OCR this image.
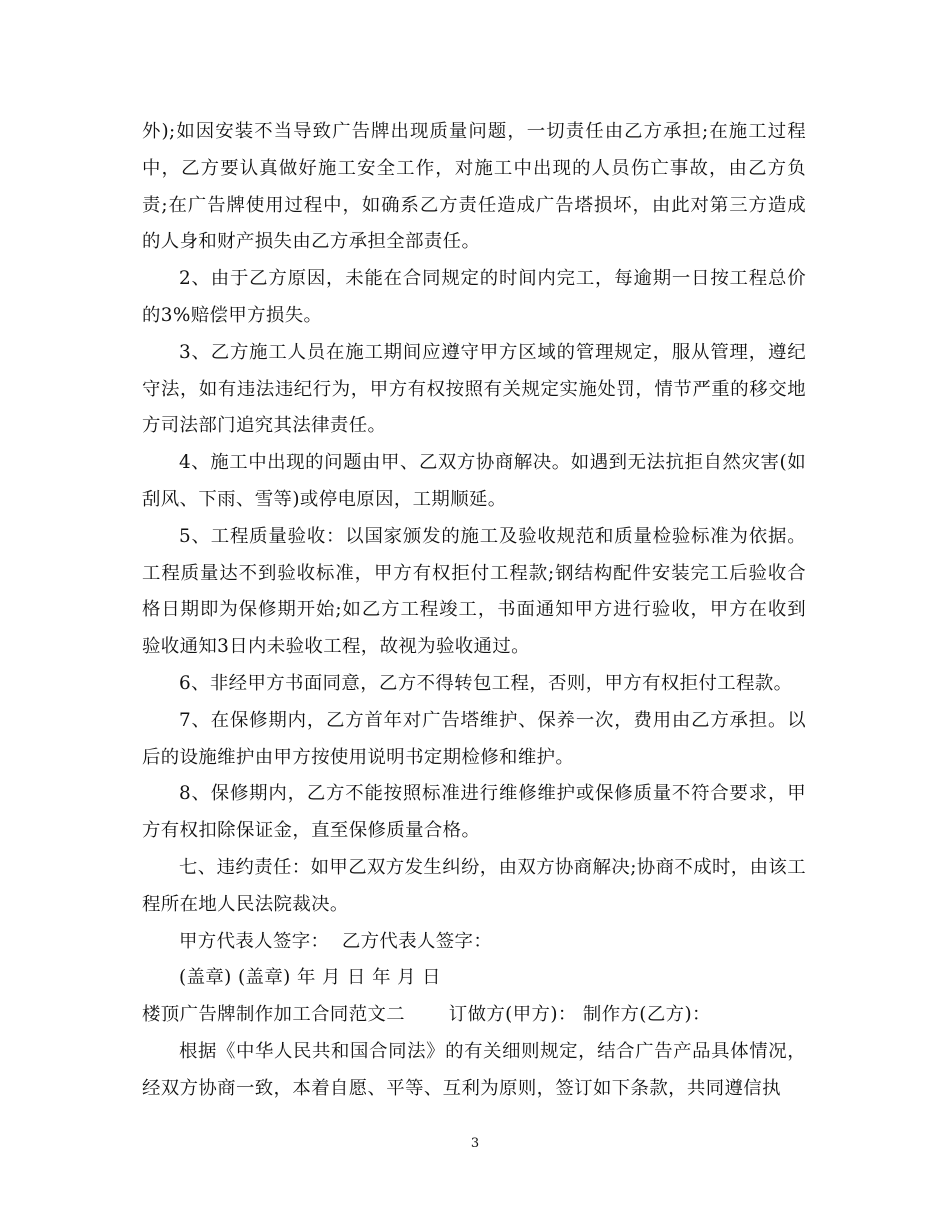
外);如因安装不当导致广告牌出现质量问题，一切责任由乙方承担;在施工过程中，乙方要认真做好施工安全工作，对施工中出现的人员伤亡事故，由乙方负责;在广告牌使用过程中，如确系乙方责任造成广告塔损坏，由此对第三方造成的人身和财产损失由乙方承担全部责任。

2、由于乙方原因，未能在合同规定的时间内完工，每逾期一日按工程总价的3%赔偿甲方损失。

3、乙方施工人员在施工期间应遵守甲方区域的管理规定，服从管理，遵纪守法，如有违法违纪行为，甲方有权按照有关规定实施处罚，情节严重的移交地方司法部门追究其法律责任。

4、施工中出现的问题由甲、乙双方协商解决。如遇到无法抗拒自然灾害(如刮风、下雨、雪等)或停电原因，工期顺延。

5、工程质量验收：以国家颁发的施工及验收规范和质量检验标准为依据。工程质量达不到验收标准，甲方有权拒付工程款;钢结构配件安装完工后验收合格日期即为保修期开始;如乙方工程竣工，书面通知甲方进行验收，甲方在收到验收通知3日内未验收工程，故视为验收通过。

6、非经甲方书面同意，乙方不得转包工程，否则，甲方有权拒付工程款。

7、在保修期内，乙方首年对广告塔维护、保养一次，费用由乙方承担。以后的设施维护由甲方按使用说明书定期检修和维护。

8、保修期内，乙方不能按照标准进行维修维护或保修质量不符合要求，甲方有权扣除保证金，直至保修质量合格。

七、违约责任：如甲乙双方发生纠纷，由双方协商解决;协商不成时，由该工程所在地人民法院裁决。

甲方代表人签字：  乙方代表人签字：

(盖章) (盖章) 年 月 日 年 月 日

楼顶广告牌制作加工合同范文二       订做方(甲方)： 制作方(乙方)：

根据《中华人民共和国合同法》的有关细则规定，结合广告产品具体情况，经双方协商一致，本着自愿、平等、互利为原则，签订如下条款，共同遵信执

3
